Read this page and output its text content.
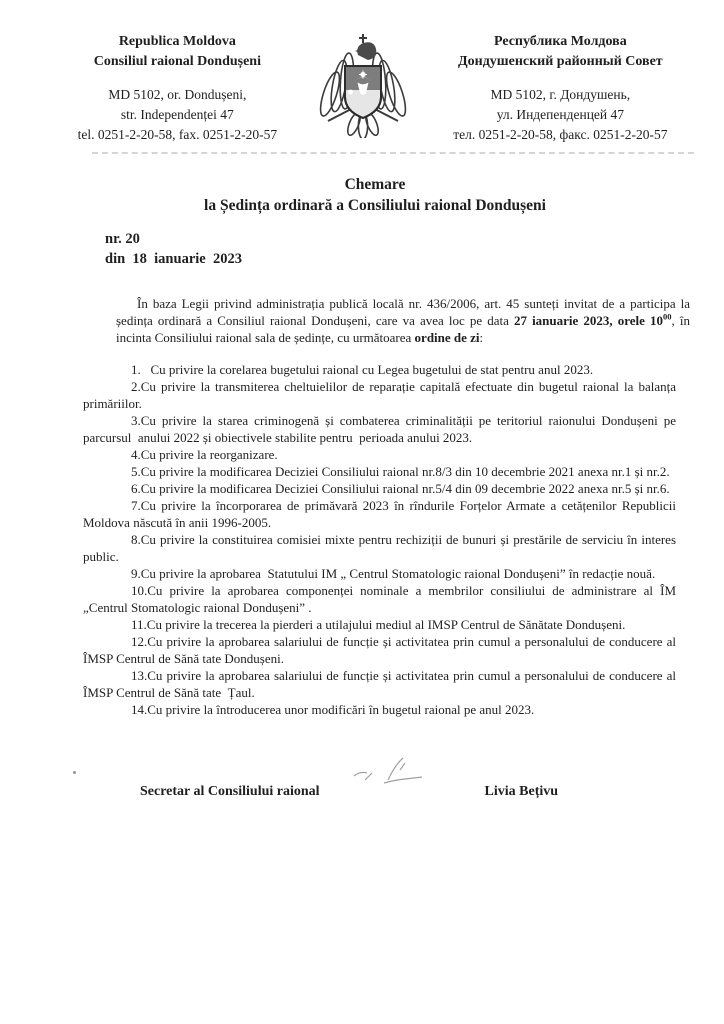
Republica Moldova
Consiliul raional Dondușeni
MD 5102, or. Dondușeni,
str. Independenței 47
tel. 0251-2-20-58, fax. 0251-2-20-57
Республика Молдова
Дондушенский районный Совет
MD 5102, г. Дондушень,
ул. Индепенденцей 47
тел. 0251-2-20-58, факс. 0251-2-20-57
Chemare
la Ședința ordinară a Consiliului raional Dondușeni
nr. 20
din  18  ianuarie  2023

În baza Legii privind administrația publică locală nr. 436/2006, art. 45 sunteți invitat de a participa la ședința ordinară a Consiliul raional Dondușeni, care va avea loc pe data 27 ianuarie 2023, orele $10^{00}$, în incinta Consiliului raional sala de ședințe, cu următoarea ordine de zi:

1.   Cu privire la corelarea bugetului raional cu Legea bugetului de stat pentru anul 2023.

2.Cu privire la transmiterea cheltuielilor de reparație capitală efectuate din bugetul raional la balanța primăriilor.

3.Cu privire la starea criminogenă și combaterea criminalității pe teritoriul raionului Dondușeni pe parcursul  anului 2022 și obiectivele stabilite pentru  perioada anului 2023.

4.Cu privire la reorganizare.

5.Cu privire la modificarea Deciziei Consiliului raional nr.8/3 din 10 decembrie 2021 anexa nr.1 și nr.2.

6.Cu privire la modificarea Deciziei Consiliului raional nr.5/4 din 09 decembrie 2022 anexa nr.5 și nr.6.

7.Cu privire la încorporarea de primăvară 2023 în rîndurile Forțelor Armate a cetățenilor Republicii Moldova născută în anii 1996-2005.

8.Cu privire la constituirea comisiei mixte pentru rechiziții de bunuri și prestările de serviciu în interes public.

9.Cu privire la aprobarea  Statutului IM „ Centrul Stomatologic raional Dondușeni” în redacție nouă.

10.Cu privire la aprobarea componenței nominale a membrilor consiliului de administrare al ÎM „Centrul Stomatologic raional Dondușeni” .

11.Cu privire la trecerea la pierderi a utilajului mediul al IMSP Centrul de Sănătate Dondușeni.

12.Cu privire la aprobarea salariului de funcție și activitatea prin cumul a personalului de conducere al ÎMSP Centrul de Sănă tate Dondușeni.

13.Cu privire la aprobarea salariului de funcție și activitatea prin cumul a personalului de conducere al ÎMSP Centrul de Sănă tate  Țaul.

14.Cu privire la întroducerea unor modificări în bugetul raional pe anul 2023.

Secretar al Consiliului raional	Livia Bețivu
